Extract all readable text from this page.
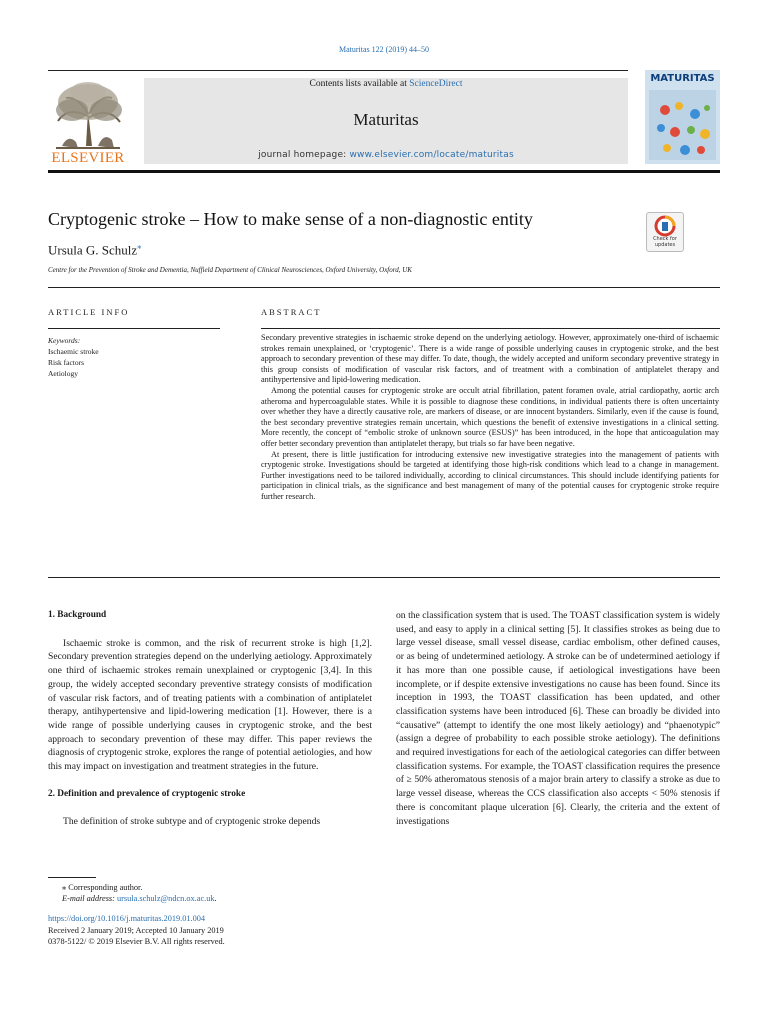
Maturitas 122 (2019) 44–50
ELSEVIER
Contents lists available at ScienceDirect
Maturitas
journal homepage: www.elsevier.com/locate/maturitas
MATURITAS
Cryptogenic stroke – How to make sense of a non-diagnostic entity
Ursula G. Schulz⁎
Centre for the Prevention of Stroke and Dementia, Nuffield Department of Clinical Neurosciences, Oxford University, Oxford, UK
Check for updates
ARTICLE INFO	ABSTRACT
Keywords:
Ischaemic stroke
Risk factors
Aetiology

Secondary preventive strategies in ischaemic stroke depend on the underlying aetiology. However, approximately one-third of ischaemic strokes remain unexplained, or ‘cryptogenic’. There is a wide range of possible underlying causes in cryptogenic stroke, and the best approach to secondary prevention of these may differ. To date, though, the widely accepted and uniform secondary preventive strategy in this group consists of modification of vascular risk factors, and of treatment with a combination of antiplatelet therapy and antihypertensive and lipid-lowering medication.

Among the potential causes for cryptogenic stroke are occult atrial fibrillation, patent foramen ovale, atrial cardiopathy, aortic arch atheroma and hypercoagulable states. While it is possible to diagnose these conditions, in individual patients there is often uncertainty over whether they have a directly causative role, are markers of disease, or are innocent bystanders. Similarly, even if the cause is found, the best secondary preventive strategies remain uncertain, which questions the benefit of extensive investigations in a clinical setting. More recently, the concept of “embolic stroke of unknown source (ESUS)” has been introduced, in the hope that anticoagulation may offer better secondary prevention than antiplatelet therapy, but trials so far have been negative.

At present, there is little justification for introducing extensive new investigative strategies into the management of patients with cryptogenic stroke. Investigations should be targeted at identifying those high-risk conditions which lead to a change in management. Further investigations need to be tailored individually, according to clinical circumstances. This should include identifying patients for participation in clinical trials, as the significance and best management of many of the potential causes for cryptogenic stroke require further research.

1. Background

Ischaemic stroke is common, and the risk of recurrent stroke is high [1,2]. Secondary prevention strategies depend on the underlying aetiology. Approximately one third of ischaemic strokes remain unexplained or cryptogenic [3,4]. In this group, the widely accepted secondary preventive strategy consists of modification of vascular risk factors, and of treating patients with a combination of antiplatelet therapy, antihypertensive and lipid-lowering medication [1]. However, there is a wide range of possible underlying causes in cryptogenic stroke, and the best approach to secondary prevention of these may differ. This paper reviews the diagnosis of cryptogenic stroke, explores the range of potential aetiologies, and how this may impact on investigation and treatment strategies in the future.

2. Definition and prevalence of cryptogenic stroke

The definition of stroke subtype and of cryptogenic stroke depends

on the classification system that is used. The TOAST classification system is widely used, and easy to apply in a clinical setting [5]. It classifies strokes as being due to large vessel disease, small vessel disease, cardiac embolism, other defined causes, or as being of undetermined aetiology. A stroke can be of undetermined aetiology if it has more than one possible cause, if aetiological investigations have been incomplete, or if despite extensive investigations no cause has been found. Since its inception in 1993, the TOAST classification has been updated, and other classification systems have been introduced [6]. These can broadly be divided into “causative” (attempt to identify the one most likely aetiology) and “phaenotypic” (assign a degree of probability to each possible stroke aetiology). The definitions and required investigations for each of the aetiological categories can differ between classification systems. For example, the TOAST classification requires the presence of ≥ 50% atheromatous stenosis of a major brain artery to classify a stroke as due to large vessel disease, whereas the CCS classification also accepts < 50% stenosis if there is concomitant plaque ulceration [6]. Clearly, the criteria and the extent of investigations

⁎ Corresponding author.
E-mail address: ursula.schulz@ndcn.ox.ac.uk.
https://doi.org/10.1016/j.maturitas.2019.01.004
Received 2 January 2019; Accepted 10 January 2019
0378-5122/ © 2019 Elsevier B.V. All rights reserved.
